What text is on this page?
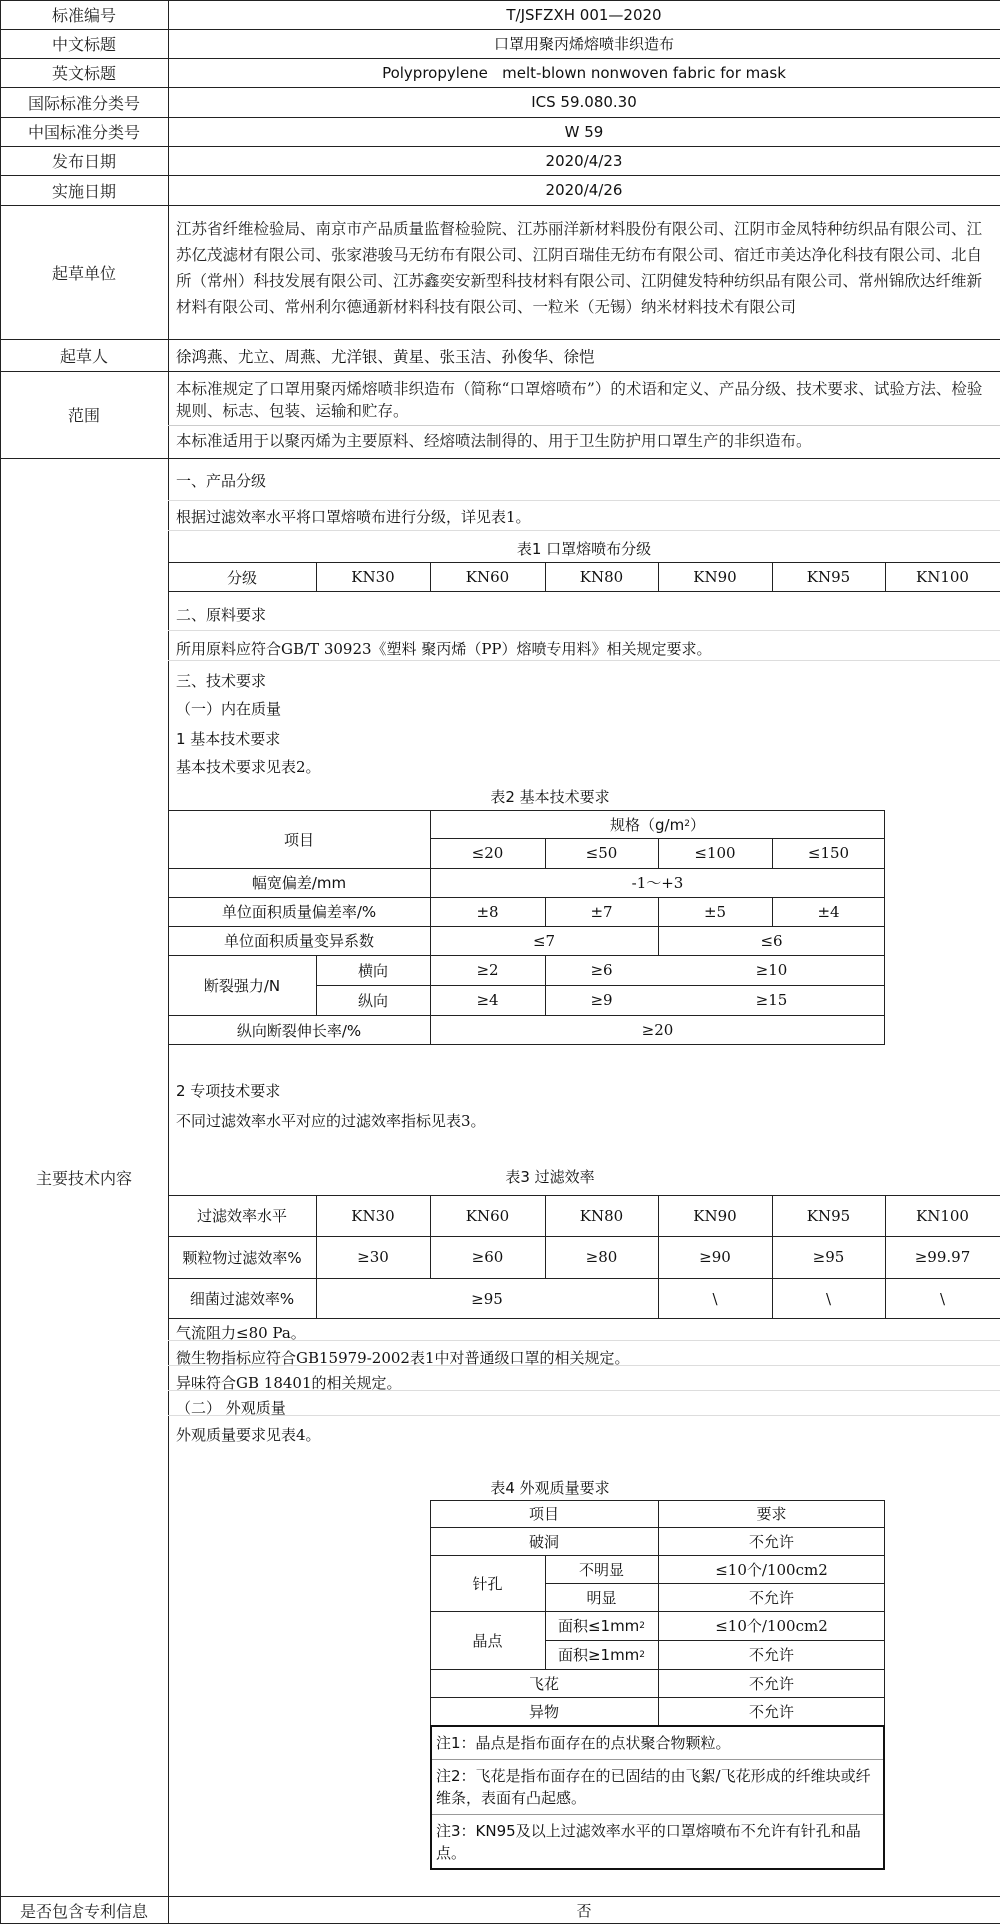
标准编号	T/JSFZXH 001—2020
中文标题	口罩用聚丙烯熔喷非织造布
英文标题	Polypropylene   melt-blown nonwoven fabric for mask
国际标准分类号	ICS 59.080.30
中国标准分类号	W 59
发布日期	2020/4/23
实施日期	2020/4/26
起草单位
江苏省纤维检验局、南京市产品质量监督检验院、江苏丽洋新材料股份有限公司、江阴市金凤特种纺织品有限公司、江苏亿茂滤材有限公司、张家港骏马无纺布有限公司、江阴百瑞佳无纺布有限公司、宿迁市美达净化科技有限公司、北自所（常州）科技发展有限公司、江苏鑫奕安新型科技材料有限公司、江阴健发特种纺织品有限公司、常州锦欣达纤维新材料有限公司、常州利尔德通新材料科技有限公司、一粒米（无锡）纳米材料技术有限公司
起草人	徐鸿燕、尤立、周燕、尤洋银、黄星、张玉洁、孙俊华、徐恺
范围
本标准规定了口罩用聚丙烯熔喷非织造布（简称“口罩熔喷布”）的术语和定义、产品分级、技术要求、试验方法、检验规则、标志、包装、运输和贮存。
本标准适用于以聚丙烯为主要原料、经熔喷法制得的、用于卫生防护用口罩生产的非织造布。
主要技术内容
一、产品分级
根据过滤效率水平将口罩熔喷布进行分级，详见表1。
表1 口罩熔喷布分级
分级	KN30	KN60	KN80	KN90	KN95	KN100
二、原料要求
所用原料应符合GB/T 30923《塑料 聚丙烯（PP）熔喷专用料》相关规定要求。
三、技术要求
（一）内在质量
1 基本技术要求
基本技术要求见表2。
表2 基本技术要求
项目
规格（g/m 2 ）
≤20	≤50	≤100	≤150
幅宽偏差/mm	-1～+3
单位面积质量偏差率/%	±8	±7	±5	±4
单位面积质量变异系数	≤7	≤6
断裂强力/N
横向	≥2	≥6	≥10
纵向	≥4	≥9	≥15
纵向断裂伸长率/%	≥20
2 专项技术要求
不同过滤效率水平对应的过滤效率指标见表3。
表3 过滤效率
过滤效率水平	KN30	KN60	KN80	KN90	KN95	KN100
颗粒物过滤效率%	≥30	≥60	≥80	≥90	≥95	≥99.97
细菌过滤效率%	≥95	\	\	\
气流阻力≤80 Pa。
微生物指标应符合GB15979-2002表1中对普通级口罩的相关规定。
异味符合GB 18401的相关规定。
（二） 外观质量
外观质量要求见表4。
表4 外观质量要求
项目	要求
破洞	不允许
针孔
不明显	≤10个/100cm2
明显	不允许
晶点
面积≤1mm 2	≤10个/100cm2
面积≥1mm 2	不允许
飞花	不允许
异物	不允许
注1：晶点是指布面存在的点状聚合物颗粒。
注2：飞花是指布面存在的已固结的由飞絮/飞花形成的纤维块或纤维条，表面有凸起感。
注3：KN95及以上过滤效率水平的口罩熔喷布不允许有针孔和晶点。
是否包含专利信息	否
